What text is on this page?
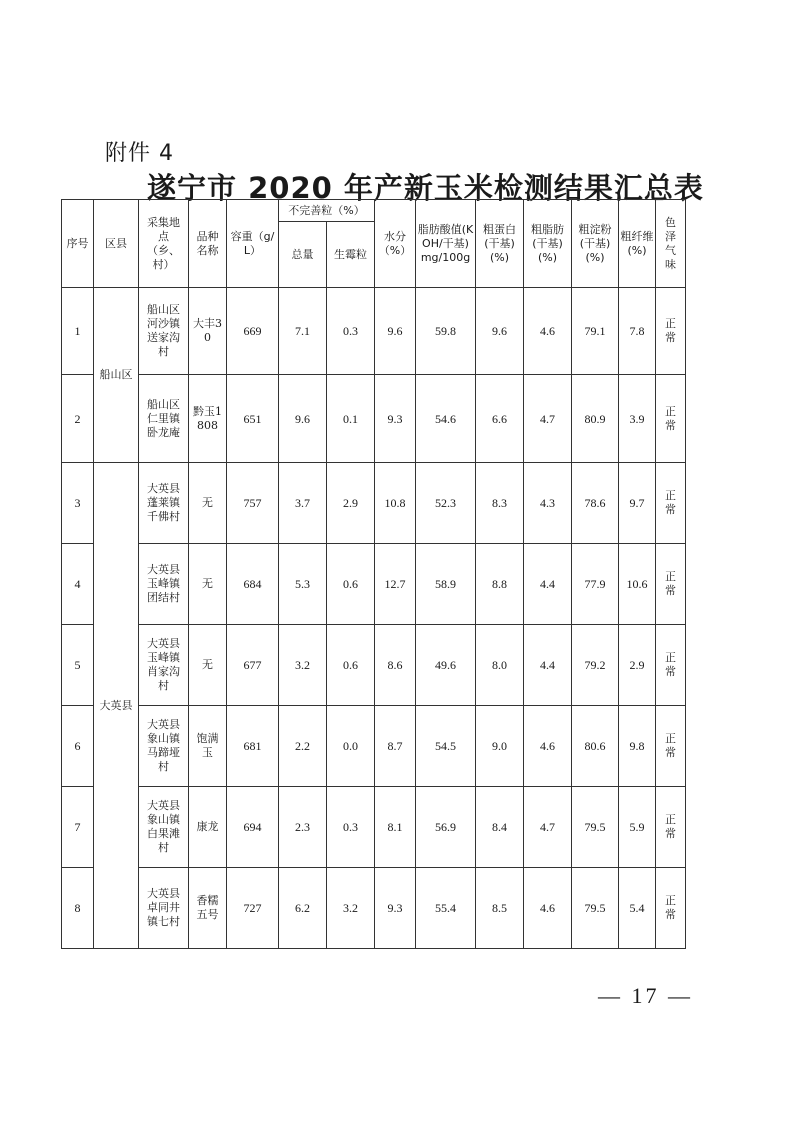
附件 4
遂宁市 2020 年产新玉米检测结果汇总表
序号	区县	采集地点（乡、村）	品种名称	容重（g/L）	不完善粒（%）		水分（%）	脂肪酸值(KOH/干基)mg/100g	粗蛋白(干基)(%)	粗脂肪(干基)(%)	粗淀粉(干基)(%)	粗纤维(%)	色泽气味
					总量	生霉粒							
1	船山区	船山区河沙镇送家沟村	大丰30	669	7.1	0.3	9.6	59.8	9.6	4.6	79.1	7.8	正常
2		船山区仁里镇卧龙庵	黔玉1808	651	9.6	0.1	9.3	54.6	6.6	4.7	80.9	3.9	正常
3	大英县	大英县蓬莱镇千佛村	无	757	3.7	2.9	10.8	52.3	8.3	4.3	78.6	9.7	正常
4		大英县玉峰镇团结村	无	684	5.3	0.6	12.7	58.9	8.8	4.4	77.9	10.6	正常
5		大英县玉峰镇肖家沟村	无	677	3.2	0.6	8.6	49.6	8.0	4.4	79.2	2.9	正常
6		大英县象山镇马蹄垭村	饱满玉	681	2.2	0.0	8.7	54.5	9.0	4.6	80.6	9.8	正常
7		大英县象山镇白果滩村	康龙	694	2.3	0.3	8.1	56.9	8.4	4.7	79.5	5.9	正常
8		大英县卓同井镇七村	香糯五号	727	6.2	3.2	9.3	55.4	8.5	4.6	79.5	5.4	正常
— 17 —
